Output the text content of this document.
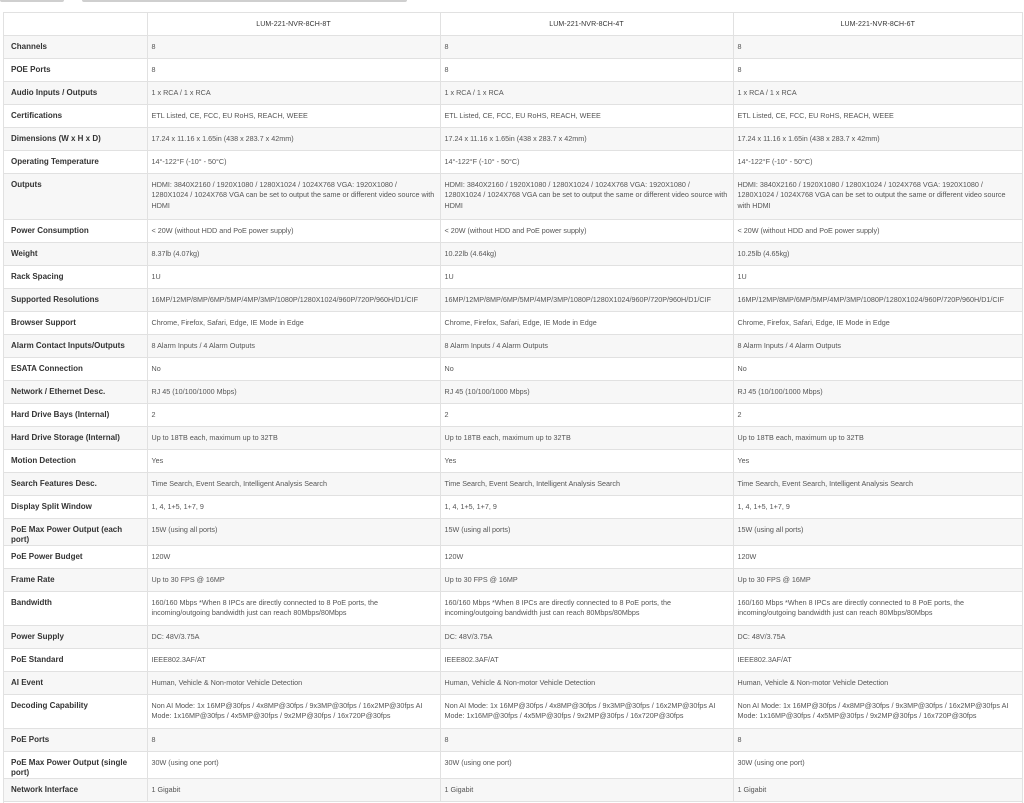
	LUM-221-NVR-8CH-8T	LUM-221-NVR-8CH-4T	LUM-221-NVR-8CH-6T
Channels	8	8	8

POE Ports	8	8	8

Audio Inputs / Outputs	1 x RCA / 1 x RCA	1 x RCA / 1 x RCA	1 x RCA / 1 x RCA

Certifications	ETL Listed, CE, FCC, EU RoHS, REACH, WEEE	ETL Listed, CE, FCC, EU RoHS, REACH, WEEE	ETL Listed, CE, FCC, EU RoHS, REACH, WEEE

Dimensions (W x H x D)	17.24 x 11.16 x 1.65in (438 x 283.7 x 42mm)	17.24 x 11.16 x 1.65in (438 x 283.7 x 42mm)	17.24 x 11.16 x 1.65in (438 x 283.7 x 42mm)

Operating Temperature	14°-122°F (-10° - 50°C)	14°-122°F (-10° - 50°C)	14°-122°F (-10° - 50°C)

Outputs	HDMI: 3840X2160 / 1920X1080 / 1280X1024 / 1024X768 VGA: 1920X1080 / 1280X1024 / 1024X768 VGA can be set to output the same or different video source with HDMI	HDMI: 3840X2160 / 1920X1080 / 1280X1024 / 1024X768 VGA: 1920X1080 / 1280X1024 / 1024X768 VGA can be set to output the same or different video source with HDMI	HDMI: 3840X2160 / 1920X1080 / 1280X1024 / 1024X768 VGA: 1920X1080 / 1280X1024 / 1024X768 VGA can be set to output the same or different video source with HDMI

Power Consumption	< 20W (without HDD and PoE power supply)	< 20W (without HDD and PoE power supply)	< 20W (without HDD and PoE power supply)

Weight	8.37lb (4.07kg)	10.22lb (4.64kg)	10.25lb (4.65kg)

Rack Spacing	1U	1U	1U

Supported Resolutions	16MP/12MP/8MP/6MP/5MP/4MP/3MP/1080P/1280X1024/960P/720P/960H/D1/CIF	16MP/12MP/8MP/6MP/5MP/4MP/3MP/1080P/1280X1024/960P/720P/960H/D1/CIF	16MP/12MP/8MP/6MP/5MP/4MP/3MP/1080P/1280X1024/960P/720P/960H/D1/CIF

Browser Support	Chrome, Firefox, Safari, Edge, IE Mode in Edge	Chrome, Firefox, Safari, Edge, IE Mode in Edge	Chrome, Firefox, Safari, Edge, IE Mode in Edge

Alarm Contact Inputs/Outputs	8 Alarm Inputs / 4 Alarm Outputs	8 Alarm Inputs / 4 Alarm Outputs	8 Alarm Inputs / 4 Alarm Outputs

ESATA Connection	No	No	No

Network / Ethernet Desc.	RJ 45 (10/100/1000 Mbps)	RJ 45 (10/100/1000 Mbps)	RJ 45 (10/100/1000 Mbps)

Hard Drive Bays (Internal)	2	2	2

Hard Drive Storage (Internal)	Up to 18TB each, maximum up to 32TB	Up to 18TB each, maximum up to 32TB	Up to 18TB each, maximum up to 32TB

Motion Detection	Yes	Yes	Yes

Search Features Desc.	Time Search, Event Search, Intelligent Analysis Search	Time Search, Event Search, Intelligent Analysis Search	Time Search, Event Search, Intelligent Analysis Search

Display Split Window	1, 4, 1+5, 1+7, 9	1, 4, 1+5, 1+7, 9	1, 4, 1+5, 1+7, 9

PoE Max Power Output (each port)	15W (using all ports)	15W (using all ports)	15W (using all ports)

PoE Power Budget	120W	120W	120W

Frame Rate	Up to 30 FPS @ 16MP	Up to 30 FPS @ 16MP	Up to 30 FPS @ 16MP

Bandwidth	160/160 Mbps *When 8 IPCs are directly connected to 8 PoE ports, the incoming/outgoing bandwidth just can reach 80Mbps/80Mbps	160/160 Mbps *When 8 IPCs are directly connected to 8 PoE ports, the incoming/outgoing bandwidth just can reach 80Mbps/80Mbps	160/160 Mbps *When 8 IPCs are directly connected to 8 PoE ports, the incoming/outgoing bandwidth just can reach 80Mbps/80Mbps

Power Supply	DC: 48V/3.75A	DC: 48V/3.75A	DC: 48V/3.75A

PoE Standard	IEEE802.3AF/AT	IEEE802.3AF/AT	IEEE802.3AF/AT

AI Event	Human, Vehicle & Non-motor Vehicle Detection	Human, Vehicle & Non-motor Vehicle Detection	Human, Vehicle & Non-motor Vehicle Detection

Decoding Capability	Non AI Mode: 1x 16MP@30fps / 4x8MP@30fps / 9x3MP@30fps / 16x2MP@30fps AI Mode: 1x16MP@30fps / 4x5MP@30fps / 9x2MP@30fps / 16x720P@30fps	Non AI Mode: 1x 16MP@30fps / 4x8MP@30fps / 9x3MP@30fps / 16x2MP@30fps AI Mode: 1x16MP@30fps / 4x5MP@30fps / 9x2MP@30fps / 16x720P@30fps	Non AI Mode: 1x 16MP@30fps / 4x8MP@30fps / 9x3MP@30fps / 16x2MP@30fps AI Mode: 1x16MP@30fps / 4x5MP@30fps / 9x2MP@30fps / 16x720P@30fps

PoE Ports	8	8	8

PoE Max Power Output (single port)	30W (using one port)	30W (using one port)	30W (using one port)

Network Interface	1 Gigabit	1 Gigabit	1 Gigabit
